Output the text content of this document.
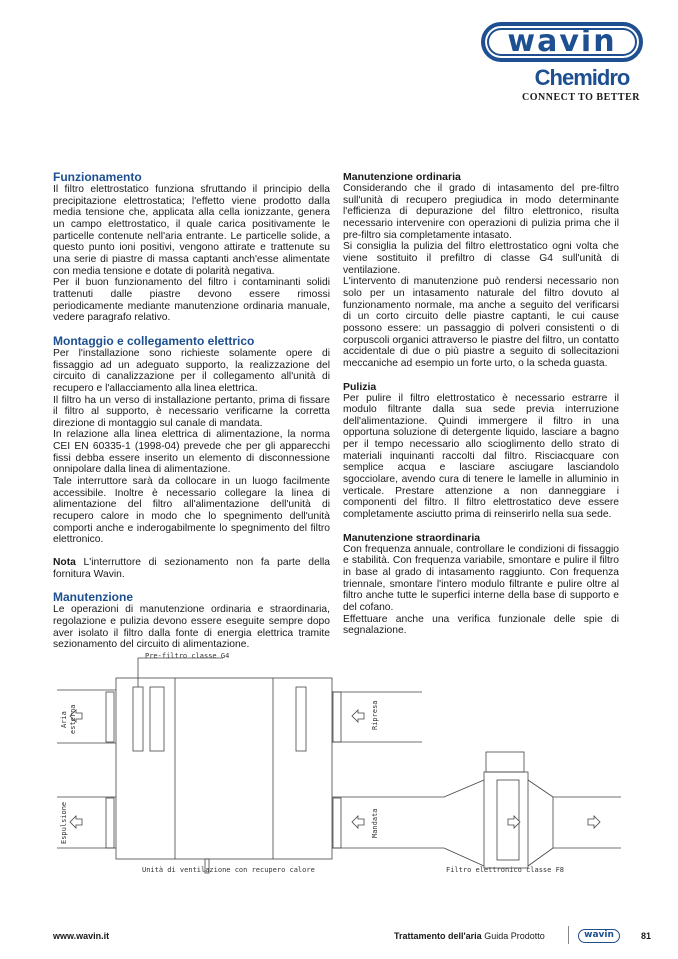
wavin
Chemidro
CONNECT TO BETTER
Funzionamento

Il filtro elettrostatico funziona sfruttando il principio della precipitazione elettrostatica; l'effetto viene prodotto dalla media tensione che, applicata alla cella ionizzante, genera un campo elettrostatico, il quale carica positivamente le particelle contenute nell'aria entrante. Le particelle solide, a questo punto ioni positivi, vengono attirate e trattenute su una serie di piastre di massa captanti anch'esse alimentate con media tensione e dotate di polarità negativa.

Per il buon funzionamento del filtro i contaminanti solidi trattenuti dalle piastre devono essere rimossi periodicamente mediante manutenzione ordinaria manuale, vedere paragrafo relativo.

Montaggio e collegamento elettrico

Per l'installazione sono richieste solamente opere di fissaggio ad un adeguato supporto, la realizzazione del circuito di canalizzazione per il collegamento all'unità di recupero e l'allacciamento alla linea elettrica.

Il filtro ha un verso di installazione pertanto, prima di fissare il filtro al supporto, è necessario verificarne la corretta direzione di montaggio sul canale di mandata.

In relazione alla linea elettrica di alimentazione, la norma CEI EN 60335-1 (1998-04) prevede che per gli apparecchi fissi debba essere inserito un elemento di disconnessione onnipolare dalla linea di alimentazione.

Tale interruttore sarà da collocare in un luogo facilmente accessibile. Inoltre è necessario collegare la linea di alimentazione del filtro all'alimentazione dell'unità di recupero calore in modo che lo spegnimento dell'unità comporti anche e inderogabilmente lo spegnimento del filtro elettronico.

Nota L'interruttore di sezionamento non fa parte della fornitura Wavin.

Manutenzione

Le operazioni di manutenzione ordinaria e straordinaria, regolazione e pulizia devono essere eseguite sempre dopo aver isolato il filtro dalla fonte di energia elettrica tramite sezionamento del circuito di alimentazione.

Manutenzione ordinaria

Considerando che il grado di intasamento del pre-filtro sull'unità di recupero pregiudica in modo determinante l'efficienza di depurazione del filtro elettronico, risulta necessario intervenire con operazioni di pulizia prima che il pre-filtro sia completamente intasato.

Si consiglia la pulizia del filtro elettrostatico ogni volta che viene sostituito il prefiltro di classe G4 sull'unità di ventilazione.

L'intervento di manutenzione può rendersi necessario non solo per un intasamento naturale del filtro dovuto al funzionamento normale, ma anche a seguito del verificarsi di un corto circuito delle piastre captanti, le cui cause possono essere: un passaggio di polveri consistenti o di corpuscoli organici attraverso le piastre del filtro, un contatto accidentale di due o più piastre a seguito di sollecitazioni meccaniche ad esempio un forte urto, o la scheda guasta.

Pulizia

Per pulire il filtro elettrostatico è necessario estrarre il modulo filtrante dalla sua sede previa interruzione dell'alimentazione. Quindi immergere il filtro in una opportuna soluzione di detergente liquido, lasciare a bagno per il tempo necessario allo scioglimento dello strato di materiali inquinanti raccolti dal filtro. Risciacquare con semplice acqua e lasciare asciugare lasciandolo sgocciolare, avendo cura di tenere le lamelle in alluminio in verticale. Prestare attenzione a non danneggiare i componenti del filtro. Il filtro elettrostatico deve essere completamente asciutto prima di reinserirlo nella sua sede.

Manutenzione straordinaria

Con frequenza annuale, controllare le condizioni di fissaggio e stabilità. Con frequenza variabile, smontare e pulire il filtro in base al grado di intasamento raggiunto. Con frequenza triennale, smontare l'intero modulo filtrante e pulire oltre al filtro anche tutte le superfici interne della base di supporto e del cofano.

Effettuare anche una verifica funzionale delle spie di segnalazione.

Pre-filtro classe G4
Aria esterna
Espulsione
Ripresa
Mandata
Unità di ventilazione con recupero calore	Filtro elettronico classe F8
www.wavin.it	Trattamento dell'aria Guida Prodotto	wavin	81
